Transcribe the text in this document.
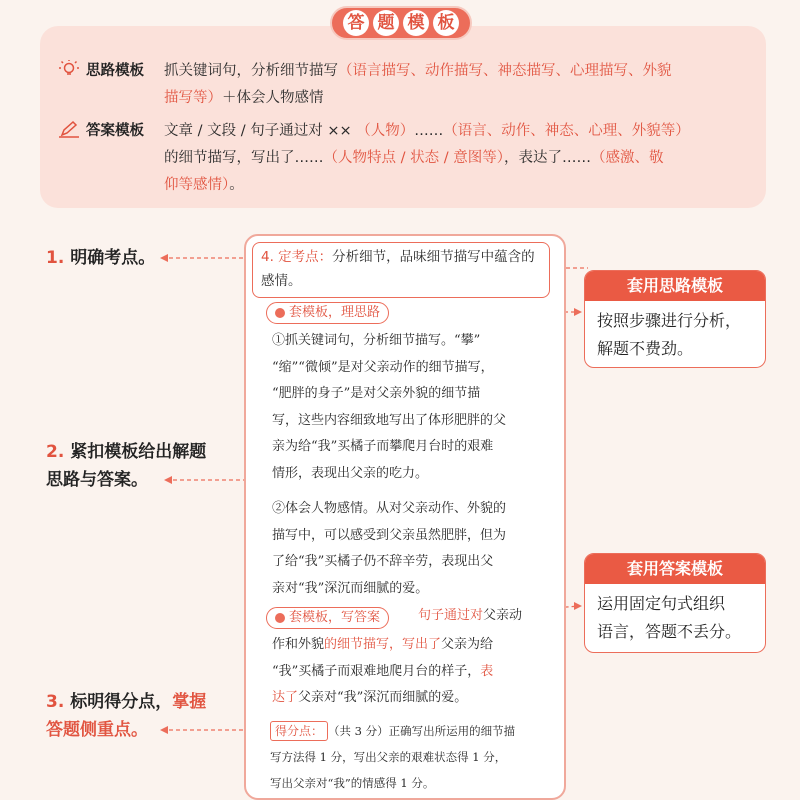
答 题 模 板
思路模板 抓关键词句，分析细节描写（语言描写、动作描写、神态描写、心理描写、外貌
描写等）＋体会人物感情
答案模板 文章 / 文段 / 句子通过对 ×× （人物）……（语言、动作、神态、心理、外貌等）
的细节描写，写出了……（人物特点 / 状态 / 意图等），表达了……（感激、敬
仰等感情）。
1. 明确考点。
2. 紧扣模板给出解题
思路与答案。
3. 标明得分点，掌握
答题侧重点。
4. 定考点：分析细节，品味细节描写中蕴含的感情。
套模板，理思路
①抓关键词句，分析细节描写。“攀”
“缩”“微倾”是对父亲动作的细节描写，
“肥胖的身子”是对父亲外貌的细节描
写，这些内容细致地写出了体形肥胖的父
亲为给“我”买橘子而攀爬月台时的艰难
情形，表现出父亲的吃力。
②体会人物感情。从对父亲动作、外貌的
描写中，可以感受到父亲虽然肥胖，但为
了给“我”买橘子仍不辞辛劳，表现出父
亲对“我”深沉而细腻的爱。
套模板，写答案	句子通过对父亲动
作和外貌的细节描写，写出了父亲为给
“我”买橘子而艰难地爬月台的样子，表
达了父亲对“我”深沉而细腻的爱。
得分点： （共 3 分）正确写出所运用的细节描
写方法得 1 分，写出父亲的艰难状态得 1 分，
写出父亲对“我”的情感得 1 分。
套用思路模板
按照步骤进行分析，
解题不费劲。
套用答案模板
运用固定句式组织
语言，答题不丢分。
